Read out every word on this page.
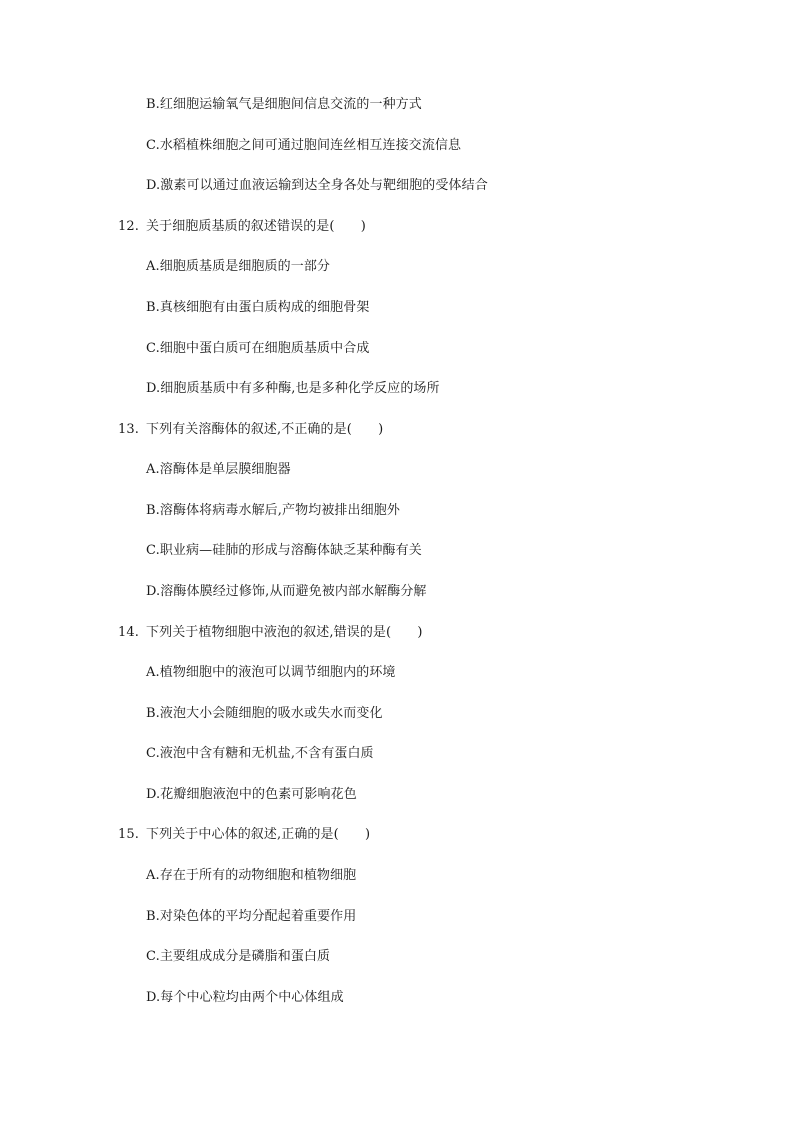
B.红细胞运输氧气是细胞间信息交流的一种方式
C.水稻植株细胞之间可通过胞间连丝相互连接交流信息
D.激素可以通过血液运输到达全身各处与靶细胞的受体结合
12. 关于细胞质基质的叙述错误的是(　　)
A.细胞质基质是细胞质的一部分
B.真核细胞有由蛋白质构成的细胞骨架
C.细胞中蛋白质可在细胞质基质中合成
D.细胞质基质中有多种酶,也是多种化学反应的场所
13. 下列有关溶酶体的叙述,不正确的是(　　)
A.溶酶体是单层膜细胞器
B.溶酶体将病毒水解后,产物均被排出细胞外
C.职业病—硅肺的形成与溶酶体缺乏某种酶有关
D.溶酶体膜经过修饰,从而避免被内部水解酶分解
14. 下列关于植物细胞中液泡的叙述,错误的是(　　)
A.植物细胞中的液泡可以调节细胞内的环境
B.液泡大小会随细胞的吸水或失水而变化
C.液泡中含有糖和无机盐,不含有蛋白质
D.花瓣细胞液泡中的色素可影响花色
15. 下列关于中心体的叙述,正确的是(　　)
A.存在于所有的动物细胞和植物细胞
B.对染色体的平均分配起着重要作用
C.主要组成成分是磷脂和蛋白质
D.每个中心粒均由两个中心体组成
